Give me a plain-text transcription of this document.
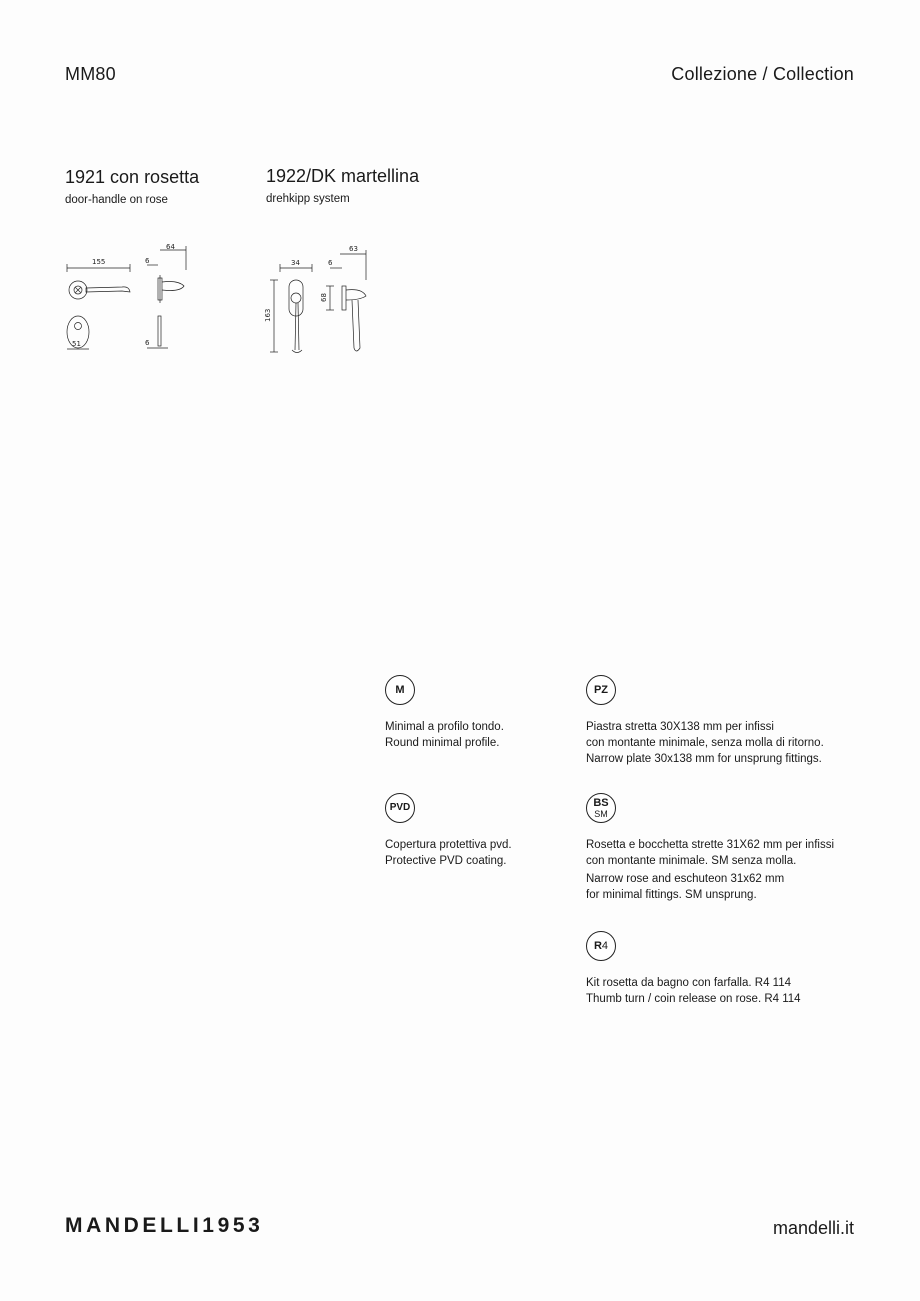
MM80	Collezione / Collection
1921 con rosetta
door-handle on rose
1922/DK martellina
drehkipp system
155
64
6
51	6
34
163
63
6
68
M

Minimal a profilo tondo.

Round minimal profile.

PZ

Piastra stretta 30X138 mm per infissi

con montante minimale, senza molla di ritorno.

Narrow plate 30x138 mm for unsprung fittings.

PVD

Copertura protettiva pvd.

Protective PVD coating.

BS
SM

Rosetta e bocchetta strette 31X62 mm per infissi

con montante minimale. SM senza molla.

Narrow rose and eschuteon 31x62 mm

for minimal fittings. SM unsprung.

R 4

Kit rosetta da bagno con farfalla. R4 114

Thumb turn / coin release on rose. R4 114

MANDELLI1953	mandelli.it
